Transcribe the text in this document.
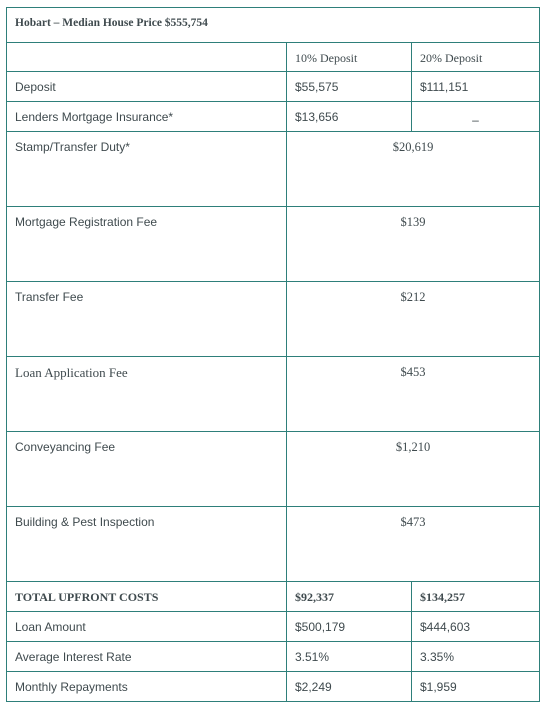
Hobart – Median House Price $555,754		
	10% Deposit	20% Deposit
Deposit	$55,575	$111,151
Lenders Mortgage Insurance*	$13,656	–
Stamp/Transfer Duty*	$20,619	
Mortgage Registration Fee	$139	
Transfer Fee	$212	
Loan Application Fee	$453	
Conveyancing Fee	$1,210	
Building & Pest Inspection	$473	
TOTAL UPFRONT COSTS	$92,337	$134,257
Loan Amount	$500,179	$444,603
Average Interest Rate	3.51%	3.35%
Monthly Repayments	$2,249	$1,959
